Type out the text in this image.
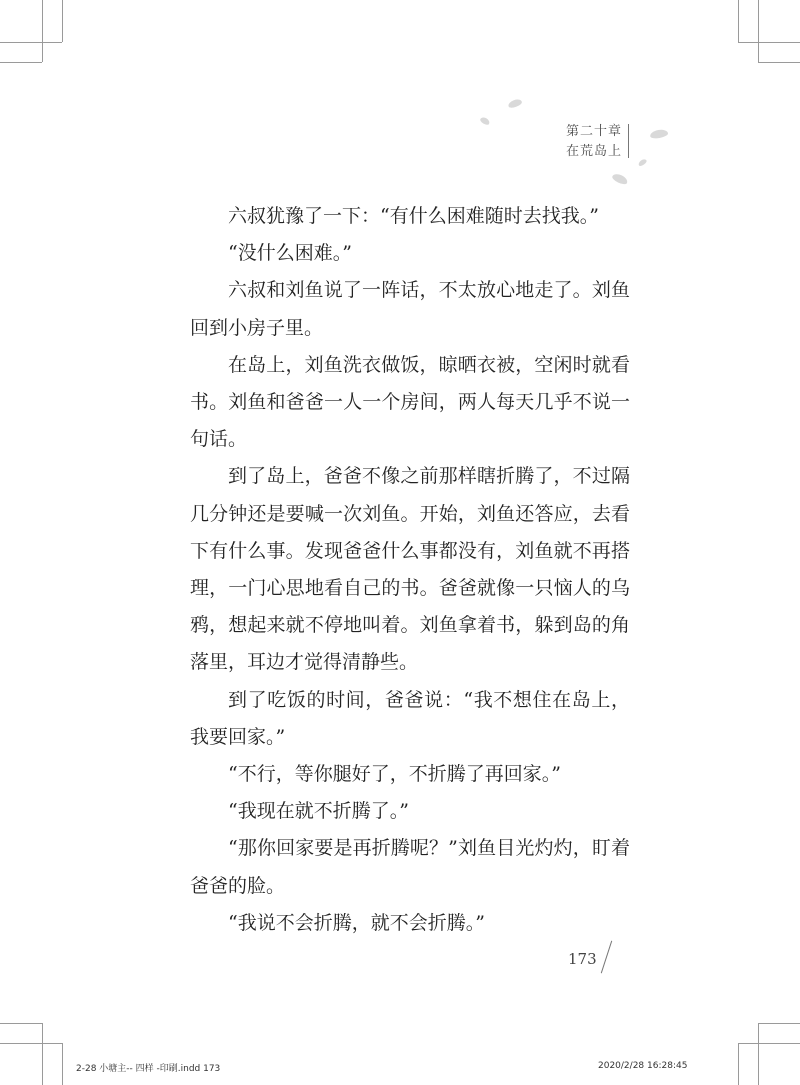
第二十章
在荒岛上

六叔犹豫了一下：“有什么困难随时去找我。”

“没什么困难。”

六叔和刘鱼说了一阵话，不太放心地走了。刘鱼回到小房子里。

在岛上，刘鱼洗衣做饭，晾晒衣被，空闲时就看书。刘鱼和爸爸一人一个房间，两人每天几乎不说一句话。

到了岛上，爸爸不像之前那样瞎折腾了，不过隔几分钟还是要喊一次刘鱼。开始，刘鱼还答应，去看下有什么事。发现爸爸什么事都没有，刘鱼就不再搭理，一门心思地看自己的书。爸爸就像一只恼人的乌鸦，想起来就不停地叫着。刘鱼拿着书，躲到岛的角落里，耳边才觉得清静些。

到了吃饭的时间，爸爸说：“我不想住在岛上，我要回家。”

“不行，等你腿好了，不折腾了再回家。”

“我现在就不折腾了。”

“那你回家要是再折腾呢？”刘鱼目光灼灼，盯着爸爸的脸。

“我说不会折腾，就不会折腾。”

173
2-28 小塘主-- 四样 -印刷.indd 173	2020/2/28 16:28:45
